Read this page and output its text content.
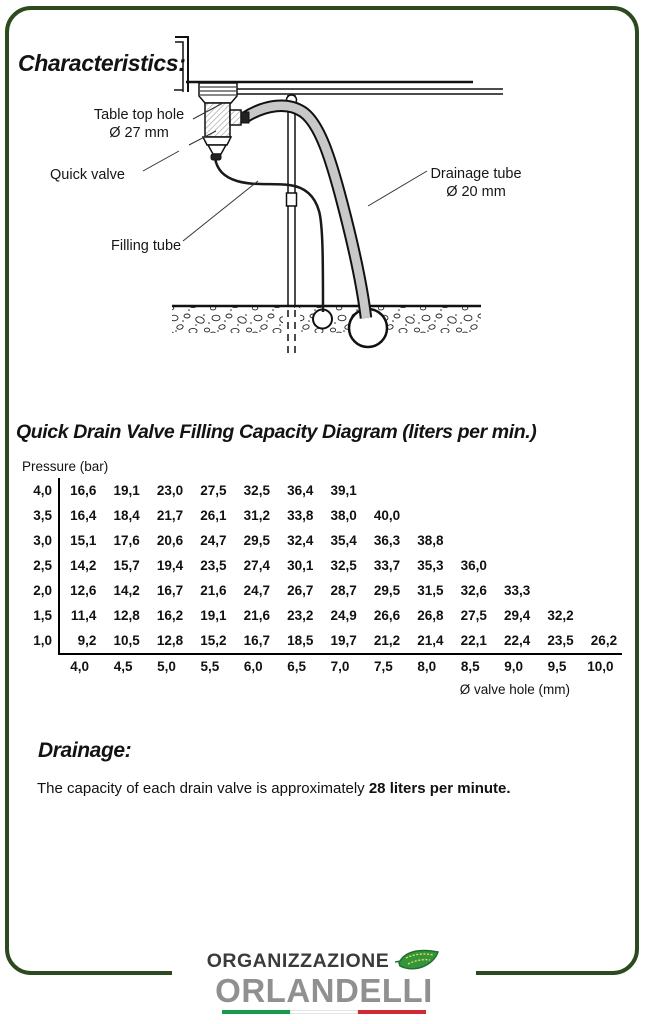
Characteristics:
Table top hole
Ø 27 mm
Quick valve
Filling tube
Drainage tube
Ø 20 mm
Quick Drain Valve Filling Capacity Diagram (liters per min.)
Pressure (bar)
4,0	16,6	19,1	23,0	27,5	32,5	36,4	39,1
3,5	16,4	18,4	21,7	26,1	31,2	33,8	38,0	40,0
3,0	15,1	17,6	20,6	24,7	29,5	32,4	35,4	36,3	38,8
2,5	14,2	15,7	19,4	23,5	27,4	30,1	32,5	33,7	35,3	36,0
2,0	12,6	14,2	16,7	21,6	24,7	26,7	28,7	29,5	31,5	32,6	33,3
1,5	11,4	12,8	16,2	19,1	21,6	23,2	24,9	26,6	26,8	27,5	29,4	32,2
1,0	9,2	10,5	12,8	15,2	16,7	18,5	19,7	21,2	21,4	22,1	22,4	23,5	26,2
4,0	4,5	5,0	5,5	6,0	6,5	7,0	7,5	8,0	8,5	9,0	9,5	10,0
Ø valve hole (mm)
Drainage:
The capacity of each drain valve is approximately 28 liters per minute.
ORGANIZZAZIONE
ORLANDELLI
